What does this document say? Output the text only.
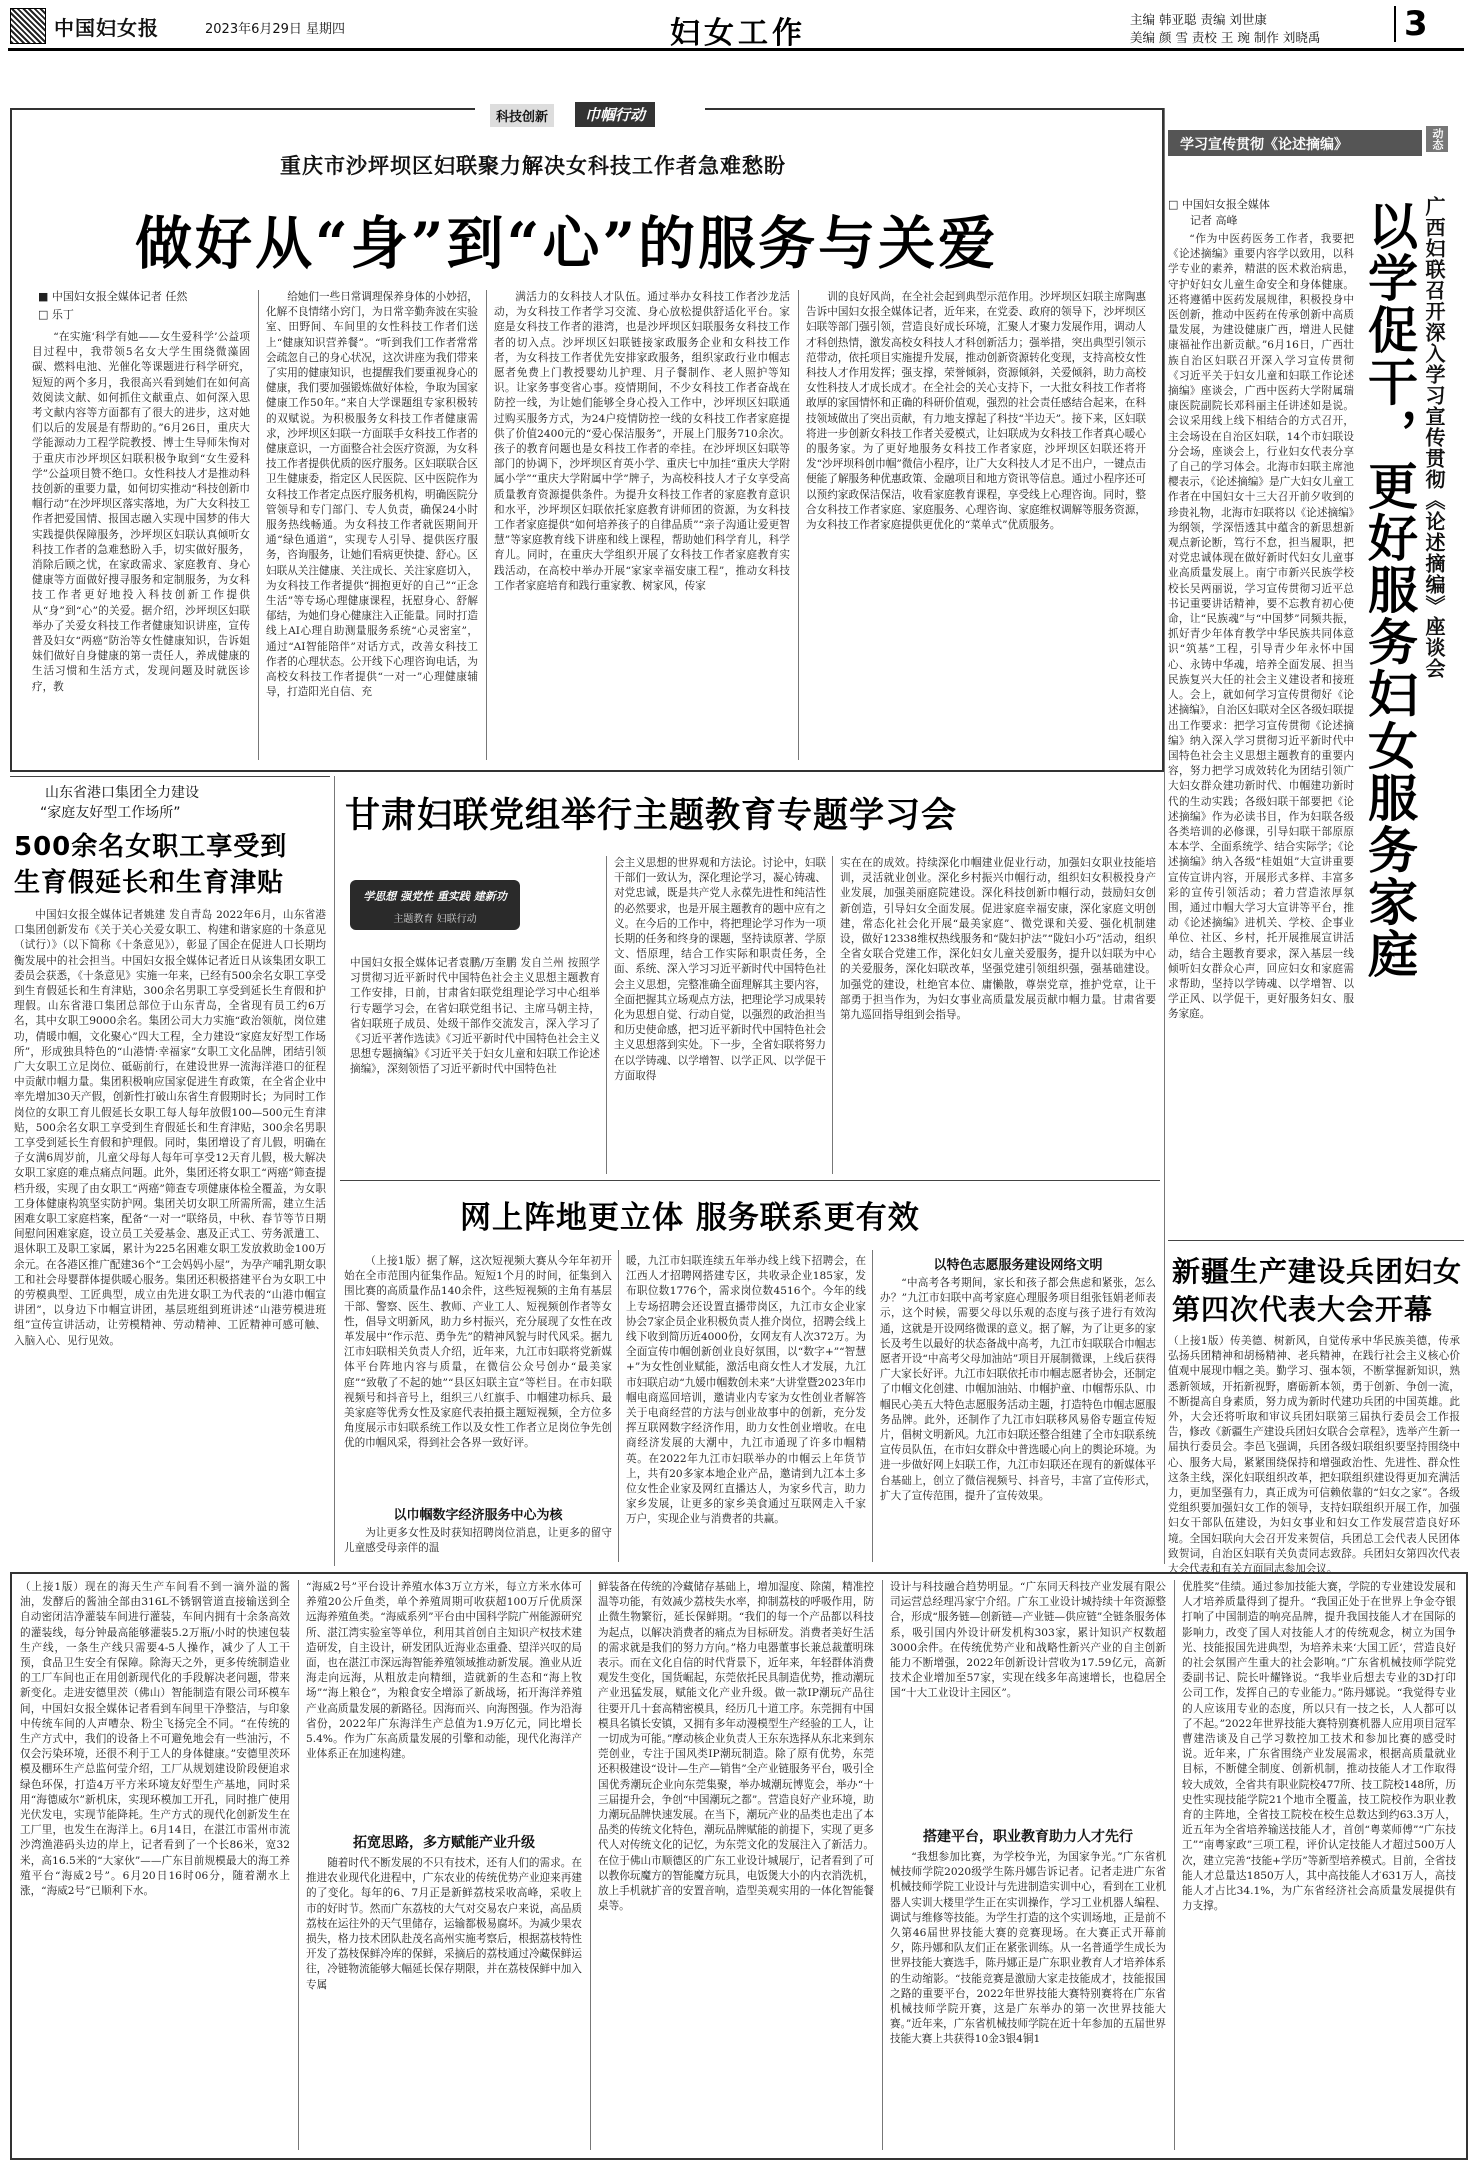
中国妇女报	2023年6月29日 星期四	妇女工作	主编 韩亚聪 责编 刘世康
美编 颜 雪 责校 王 琬 制作 刘晓禹 3
科技创新	巾帼行动
重庆市沙坪坝区妇联聚力解决女科技工作者急难愁盼
做好从“身”到“心”的服务与关爱
■ 中国妇女报全媒体记者 任然
□ 乐丁

“在实施‘科学有她——女生爱科学’公益项目过程中，我带领5名女大学生围绕微藻固碳、燃料电池、光催化等课题进行科学研究，短短的两个多月，我很高兴看到她们在如何高效阅读文献、如何抓住文献重点、如何深入思考文献内容等方面都有了很大的进步，这对她们以后的发展是有帮助的。”6月26日，重庆大学能源动力工程学院教授、博士生导师朱恂对于重庆市沙坪坝区妇联积极争取到“女生爱科学”公益项目赞不绝口。女性科技人才是推动科技创新的重要力量，如何切实推动“科技创新巾帼行动”在沙坪坝区落实落地，为广大女科技工作者把爱国情、报国志融入实现中国梦的伟大实践提供保障服务，沙坪坝区妇联认真倾听女科技工作者的急难愁盼入手，切实做好服务，消除后顾之忧，在家政需求、家庭教育、身心健康等方面做好搜寻服务和定制服务，为女科技工作者更好地投入科技创新工作提供从“身”到“心”的关爱。据介绍，沙坪坝区妇联举办了关爱女科技工作者健康知识讲座，宣传普及妇女“两癌”防治等女性健康知识，告诉姐妹们做好自身健康的第一责任人，养成健康的生活习惯和生活方式，发现问题及时就医诊疗，教

给她们一些日常调理保养身体的小妙招，化解不良情绪小窍门，为日常辛勤奔波在实验室、田野间、车间里的女性科技工作者们送上“健康知识营养餐”。“听到我们工作者常常会疏忽自己的身心状况，这次讲座为我们带来了实用的健康知识，也提醒我们要重视身心的健康，我们要加强锻炼做好体检，争取为国家健康工作50年。”来自大学课题组专家积极转的双赋说。为积极服务女科技工作者健康需求，沙坪坝区妇联一方面联手女科技工作者的健康意识，一方面整合社会医疗资源，为女科技工作者提供优质的医疗服务。区妇联联合区卫生健康委，指定区人民医院、区中医院作为女科技工作者定点医疗服务机构，明确医院分管领导和专门部门、专人负责，确保24小时服务热线畅通。为女科技工作者就医期间开通“绿色通道”，实现专人引导、提供医疗服务，咨询服务，让她们看病更快捷、舒心。区妇联从关注健康、关注成长、关注家庭切入，为女科技工作者提供“拥抱更好的自己”“正念生活”等专场心理健康课程，抚慰身心、舒解郁结，为她们身心健康注入正能量。同时打造线上AI心理自助测量服务系统“心灵密室”，通过“AI智能陪伴”对话方式，改善女科技工作者的心理状态。公开线下心理咨询电话，为高校女科技工作者提供“一对一”心理健康辅导，打造阳光自信、充

满活力的女科技人才队伍。通过举办女科技工作者沙龙活动，为女科技工作者学习交流、身心放松提供舒适化平台。家庭是女科技工作者的港湾，也是沙坪坝区妇联服务女科技工作者的切入点。沙坪坝区妇联链接家政服务企业和女科技工作者，为女科技工作者优先安排家政服务，组织家政行业巾帼志愿者免费上门教授婴幼儿护理、月子餐制作、老人照护等知识。让家务事变省心事。疫情期间，不少女科技工作者奋战在防控一线，为让她们能够全身心投入工作中，沙坪坝区妇联通过购买服务方式，为24户疫情防控一线的女科技工作者家庭提供了价值2400元的“爱心保洁服务”，开展上门服务710余次。孩子的教育问题也是女科技工作者的牵挂。在沙坪坝区妇联等部门的协调下，沙坪坝区育英小学、重庆七中加挂“重庆大学附属小学”“重庆大学附属中学”牌子，为高校科技人才子女享受高质量教育资源提供条件。为提升女科技工作者的家庭教育意识和水平，沙坪坝区妇联依托家庭教育讲师团的资源，为女科技工作者家庭提供“如何培养孩子的自律品质”“亲子沟通让爱更智慧”等家庭教育线下讲座和线上课程，帮助她们科学育儿，科学育儿。同时，在重庆大学组织开展了女科技工作者家庭教育实践活动，在高校中举办开展“家家幸福安康工程”，推动女科技工作者家庭培育和践行重家教、树家风，传家

训的良好风尚，在全社会起到典型示范作用。沙坪坝区妇联主席陶惠告诉中国妇女报全媒体记者，近年来，在党委、政府的领导下，沙坪坝区妇联等部门强引领，营造良好成长环境，汇聚人才聚力发展作用，调动人才科创热情，激发高校女科技人才科创新活力；强举措，突出典型引领示范带动，依托项目实施提升发展，推动创新资源转化变现，支持高校女性科技人才作用发挥；强支撑，荣誉倾斜，资源倾斜，关爱倾斜，助力高校女性科技人才成长成才。在全社会的关心支持下，一大批女科技工作者将敢厚的家国情怀和正确的科研价值观，强烈的社会责任感结合起来，在科技领域做出了突出贡献，有力地支撑起了科技“半边天”。接下来，区妇联将进一步创新女科技工作者关爱模式，让妇联成为女科技工作者真心暖心的服务家。为了更好地服务女科技工作者家庭，沙坪坝区妇联还将开发“沙坪坝科创巾帼”微信小程序，让广大女科技人才足不出户，一键点击便能了解服务种优惠政策、金融项目和地方资讯等信息。通过小程序还可以预约家政保洁保洁，收看家庭教育课程，享受线上心理咨询。同时，整合女科技工作者家庭、家庭服务、心理咨询、家庭维权调解等服务资源，为女科技工作者家庭提供更优化的“菜单式”优质服务。

山东省港口集团全力建设
“家庭友好型工作场所”
500余名女职工享受到
生育假延长和生育津贴

中国妇女报全媒体记者姚建 发自青岛 2022年6月，山东省港口集团创新发布《关于关心关爱女职工、构建和谐家庭的十条意见（试行）》（以下简称《十条意见》），彰显了国企在促进人口长期均衡发展中的社会担当。中国妇女报全媒体记者近日从该集团女职工委员会获悉，《十条意见》实施一年来，已经有500余名女职工享受到生育假延长和生育津贴，300余名男职工享受到延长生育假和护理假。山东省港口集团总部位于山东青岛，全省现有员工约6万名，其中女职工9000余名。集团公司大力实施“政治领航，岗位建功，倩暖巾帼，文化聚心”四大工程，全力建设“家庭友好型工作场所”，形成独具特色的“山港情·幸福家”女职工文化品牌，团结引领广大女职工立足岗位、砥砺前行，在建设世界一流海洋港口的征程中贡献巾帼力量。集团积极响应国家促进生育政策，在全省企业中率先增加30天产假，创新性打破山东省生育假期时长；为同时工作岗位的女职工育儿假延长女职工每人每年放假100—500元生育津贴，500余名女职工享受到生育假延长和生育津贴，300余名男职工享受到延长生育假和护理假。同时，集团增设了育儿假，明确在子女满6周岁前，儿童父母每人每年可享受12天育儿假，极大解决女职工家庭的难点痛点问题。此外，集团还将女职工“两癌”筛查提档升级，实现了由女职工“两癌”筛查专项健康体检全覆盖，为女职工身体健康构筑坚实防护网。集团关切女职工所需所需，建立生活困难女职工家庭档案，配备“一对一”联络员，中秋、春节等节日期间慰问困难家庭，设立员工关爱基金、惠及正式工、劳务派遣工、退休职工及职工家属，累计为225名困难女职工发放救助金100万余元。在各港区推广配建36个“工会妈妈小屋”，为孕产哺乳期女职工和社会母婴群体提供暖心服务。集团还积极搭建平台为女职工中的劳模典型、工匠典型，成立由先进女职工为代表的“山港巾帼宣讲团”，以身边下巾帼宣讲团，基层班组到班讲述“山港劳模进班组”宣传宣讲活动，让劳模精神、劳动精神、工匠精神可感可触、入脑入心、见行见效。

甘肃妇联党组举行主题教育专题学习会
学思想 强党性 重实践 建新功
主题教育 妇联行动

中国妇女报全媒体记者袁鹏/万奎鹏 发自兰州 按照学习贯彻习近平新时代中国特色社会主义思想主题教育工作安排，日前，甘肃省妇联党组理论学习中心组举行专题学习会，在省妇联党组书记、主席马朝主持，省妇联班子成员、处级干部作交流发言，深入学习了《习近平著作选读》《习近平新时代中国特色社会主义思想专题摘编》《习近平关于妇女儿童和妇联工作论述摘编》，深刻领悟了习近平新时代中国特色社

会主义思想的世界观和方法论。讨论中，妇联干部们一致认为，深化理论学习，凝心铸魂、对党忠诚，既是共产党人永葆先进性和纯洁性的必然要求，也是开展主题教育的题中应有之义。在今后的工作中，将把理论学习作为一项长期的任务和终身的课题，坚持读原著、学原文、悟原理，结合工作实际和职责任务，全面、系统、深入学习习近平新时代中国特色社会主义思想，完整准确全面理解其主要内容，全面把握其立场观点方法，把理论学习成果转化为思想自觉、行动自觉，以强烈的政治担当和历史使命感，把习近平新时代中国特色社会主义思想落到实处。下一步，全省妇联将努力在以学铸魂、以学增智、以学正风、以学促干方面取得

实在在的成效。持续深化巾帼建业促业行动，加强妇女职业技能培训，灵活就业创业。深化乡村振兴巾帼行动，组织妇女积极投身产业发展，加强美丽庭院建设。深化科技创新巾帼行动，鼓励妇女创新创造，引导妇女全面发展。促进家庭幸福安康，深化家庭文明创建，常态化社会化开展“最美家庭”、微党课和关爱、强化机制建设，做好12338维权热线服务和“陇妇护法”“陇妇小巧”活动，组织全省女联合党建工作，深化妇女儿童关爱服务，提升以妇联为中心的关爱服务，深化妇联改革，坚强党建引领组织强，强基础建设。加强党的建设，杜绝官本位、庸懒散，尊崇党章，推护党章，让干部勇于担当作为，为妇女事业高质量发展贡献巾帼力量。甘肃省要第九巡回指导组到会指导。

网上阵地更立体 服务联系更有效

（上接1版）据了解，这次短视频大赛从今年年初开始在全市范围内征集作品。短短1个月的时间，征集到入围比赛的高质量作品140余件，这些短视频的主角有基层干部、警察、医生、教师、产业工人、短视频创作者等女性，倡导文明新风，助力乡村振兴，充分展现了女性在改革发展中“作示范、勇争先”的精神风貌与时代风采。据九江市妇联相关负责人介绍，近年来，九江市妇联将党新媒体平台阵地内容与质量，在微信公众号创办“最美家庭”“致敬了不起的她”“县区妇联主宣”等栏目。在市妇联视频号和抖音号上，组织三八红旗手、巾帼建功标兵、最美家庭等优秀女性及家庭代表拍摄主题短视频，全方位多角度展示市妇联系统工作以及女性工作者立足岗位争先创优的巾帼风采，得到社会各界一致好评。

以巾帼数字经济服务中心为核

为让更多女性及时获知招聘岗位消息，让更多的留守儿童感受母亲伴的温

暖，九江市妇联连续五年举办线上线下招聘会，在江西人才招聘网搭建专区，共收录企业185家，发布职位数1776个，需求岗位数4516个。今年的线上专场招聘会还设置直播带岗区，九江市女企业家协会7家企员企业积极负责人推介岗位，招聘会线上线下收到简历近4000份，女网友有人次372万。为全面宣传巾帼创新创业良好氛围，以“数字+”“智慧+”为女性创业赋能，激活电商女性人才发展，九江市妇联启动“九媛巾帼数创未来”大讲堂暨2023年巾帼电商巡回培训，邀请业内专家为女性创业者解答关于电商经营的方法与创业故事中的创新，充分发挥互联网数字经济作用，助力女性创业增收。在电商经济发展的大潮中，九江市通现了许多巾帼精英。在2022年九江市妇联举办的巾帼云上年货节上，共有20多家本地企业产品，邀请到九江本土多位女性企业家及网红直播达人，为家乡代言，助力家乡发展，让更多的家乡美食通过互联网走入千家万户，实现企业与消费者的共赢。

以特色志愿服务建设网络文明

“中高考各考期间，家长和孩子都会焦虑和紧张，怎么办？”九江市妇联中高考家庭心理服务项目组张钰娟老师表示，这个时候，需要父母以乐观的态度与孩子进行有效沟通，这就是开设网络微课的意义。据了解，为了让更多的家长及考生以最好的状态备战中高考，九江市妇联联合巾帼志愿者开设“中高考父母加油站”项目开展制微课，上线后获得广大家长好评。九江市妇联依托市巾帼志愿者协会，还制定了巾帼文化创建、巾帼加油站、巾帼护童、巾帼帮乐队、巾帼民心美五大特色志愿服务活动主题，打造特色巾帼志愿服务品牌。此外，还制作了九江市妇联移风易俗专题宣传短片，倡树文明新风。九江市妇联还整合组建了全市妇联系统宣传员队伍，在市妇女群众中普选暖心向上的舆论环境。为进一步做好网上妇联工作，九江市妇联还在现有的新媒体平台基础上，创立了微信视频号、抖音号，丰富了宣传形式，扩大了宣传范围，提升了宣传效果。

学习宣传贯彻《论述摘编》	动态
□ 中国妇女报全媒体
记者 高峰

“作为中医药医务工作者，我要把《论述摘编》重要内容学以致用，以科学专业的素养，精湛的医术救治病患，守护好妇女儿童生命安全和身体健康。还将遵循中医药发展规律，积极投身中医创新，推动中医药在传承创新中高质量发展，为建设健康广西，增进人民健康福祉作出新贡献。”6月16日，广西壮族自治区妇联召开深入学习宣传贯彻《习近平关于妇女儿童和妇联工作论述摘编》座谈会，广西中医药大学附属瑞康医院副院长邓科丽主任讲述如是说。会议采用线上线下相结合的方式召开，主会场设在自治区妇联，14个市妇联设分会场，座谈会上，行业妇女代表分享了自己的学习体会。北海市妇联主席池樱表示，《论述摘编》是广大妇女儿童工作者在中国妇女十三大召开前夕收到的珍贵礼物，北海市妇联将以《论述摘编》为纲领，学深悟透其中蕴含的新思想新观点新论断，笃行不怠，担当履职，把对党忠诚体现在做好新时代妇女儿童事业高质量发展上。南宁市新兴民族学校校长吴两丽说，学习宣传贯彻习近平总书记重要讲话精神，要不忘教育初心使命，让“民族魂”与“中国梦”同频共振，抓好青少年体育教学中华民族共同体意识“筑基”工程，引导青少年永怀中国心、永铸中华魂，培养全面发展、担当民族复兴大任的社会主义建设者和接班人。会上，就如何学习宣传贯彻好《论述摘编》，自治区妇联对全区各级妇联提出工作要求：把学习宣传贯彻《论述摘编》纳入深入学习贯彻习近平新时代中国特色社会主义思想主题教育的重要内容，努力把学习成效转化为团结引领广大妇女群众建功新时代、巾帼建功新时代的生动实践；各级妇联干部要把《论述摘编》作为必读书目，作为妇联各级各类培训的必修课，引导妇联干部原原本本学、全面系统学、结合实际学；《论述摘编》纳入各级“桂姐姐”大宣讲重要宣传宣讲内容，开展形式多样、丰富多彩的宣传引领活动；着力营造浓厚氛围，通过巾帼大学习大宣讲等平台，推动《论述摘编》进机关、学校、企事业单位、社区、乡村，托开展推展宣讲活动，结合主题教育要求，深入基层一线倾听妇女群众心声，回应妇女和家庭需求帮助，坚持以学铸魂、以学增智、以学正风、以学促干，更好服务妇女、服务家庭。

广西妇联召开深入学习宣传贯彻《论述摘编》座谈会
以学促干，更好服务妇女服务家庭
新疆生产建设兵团妇女
第四次代表大会开幕

（上接1版）传美德、树新风，自觉传承中华民族美德，传承弘扬兵团精神和胡杨精神、老兵精神，在践行社会主义核心价值观中展现巾帼之美。勤学习、强本领，不断掌握新知识，熟悉新领域，开拓新视野，磨砺新本领，勇于创新、争创一流，不断提高自身素质，努力成为新时代建功兵团的中国英雄。此外，大会还将听取和审议兵团妇联第三届执行委员会工作报告，修改《新疆生产建设兵团妇女联合会章程》，选举产生新一届执行委员会。李邑飞强调，兵团各级妇联组织要坚持围绕中心、服务大局，紧紧围绕保持和增强政治性、先进性、群众性这条主线，深化妇联组织改革，把妇联组织建设得更加充满活力，更加坚强有力，真正成为可信赖依靠的“妇女之家”。各级党组织要加强妇女工作的领导，支持妇联组织开展工作，加强妇女干部队伍建设，为妇女事业和妇女工作发展营造良好环境。全国妇联向大会召开发来贺信，兵团总工会代表人民团体致贺词，自治区妇联有关负责同志致辞。兵团妇女第四次代表大会代表和有关方面同志参加会议。

（上接1版）现在的海天生产车间看不到一滴外溢的酱油，发酵后的酱油全部由316L不锈钢管道直接输送到全自动密闭洁净灌装车间进行灌装，车间内拥有十余条高效的灌装线，每分钟最高能够灌装5.2万瓶/小时的快速包装生产线，一条生产线只需要4-5人操作，减少了人工干预，食品卫生安全有保障。除海天之外，更多传统制造业的工厂车间也正在用创新现代化的手段解决老问题，带来新变化。走进安德里茨（佛山）智能制造有限公司环模车间，中国妇女报全媒体记者看到车间里干净整洁，与印象中传统车间的人声嘈杂、粉尘飞扬完全不同。“在传统的生产方式中，我们的设备上不可避免地会有一些油污，不仅会污染环境，还很不利于工人的身体健康。”安德里茨环模及棚环生产总监何莹介绍，工厂从规划建设阶段便追求绿色环保，打造4万平方米环境友好型生产基地，同时采用“海德威尔”新机床，实现环模加工开孔，同时推广使用光伏发电，实现节能降耗。生产方式的现代化创新发生在工厂里，也发生在海洋上。6月14日，在湛江市雷州市流沙湾渔港码头边的岸上，记者看到了一个长86米，宽32米，高16.5米的“大家伙”——广东目前规模最大的海工养殖平台“海威2号”。6月20日16时06分，随着潮水上涨，“海威2号”已顺利下水。

“海威2号”平台设计养殖水体3万立方米，每立方米水体可养殖20公斤鱼类，单个养殖周期可收获超100万斤优质深远海养殖鱼类。“海威系列”平台由中国科学院广州能源研究所、湛江湾实验室等单位，利用其首创自主知识产权技术建造研发，自主设计，研发团队近海业态重叠、望洋兴叹的局面，也在湛江市深远海智能养殖领域推动新发展。渔业从近海走向远海，从粗放走向精细，造就新的生态和“海上牧场”“海上粮仓”，为粮食安全增添了新战场，拓开海洋养殖产业高质量发展的新路径。因海而兴、向海图强。作为沿海省份，2022年广东海洋生产总值为1.9万亿元，同比增长5.4%。作为广东高质量发展的引擎和动能，现代化海洋产业体系正在加速构建。

拓宽思路，多方赋能产业升级

随着时代不断发展的不只有技术，还有人们的需求。在推进农业现代化进程中，广东农业的传统优势产业迎来再建的了变化。每年的6、7月正是新鲜荔枝采收高峰，采收上市的好时节。然而广东荔枝的大气对交易农户来说，高品质荔枝在运往外的天气里储存，运输都极易腐坏。为减少果农损失，格力技术团队赴茂名高州实施考察后，根据荔枝特性开发了荔枝保鲜冷库的保鲜，采摘后的荔枝通过冷藏保鲜运往，冷链物流能够大幅延长保存期限，并在荔枝保鲜中加入专属

鲜装备在传统的冷藏储存基础上，增加湿度、除菌，精准控温等功能，有效减少荔枝失水率，抑制荔枝的呼吸作用，防止微生物繁衍，延长保鲜期。“我们的每一个产品都以科技为起点，以解决消费者的痛点为目标研发。消费者美好生活的需求就是我们的努力方向。”格力电器董事长兼总裁董明珠表示。而在文化自信的时代背景下，近年来，年轻群体消费观发生变化，国货崛起，东莞依托民具制造优势，推动潮玩产业迅猛发展，赋能文化产业升级。做一款IP潮玩产品往往要开几十套高精密模具，经历几十道工序。东莞拥有中国模具名镇长安镇，又拥有多年动漫模型生产经验的工人，让一切成为可能。”摩动核企业负责人王东东选择从东北来到东莞创业，专注于国风类IP潮玩制造。除了原有优势，东莞还积极建设“设计—生产—销售”全产业链服务平台，吸引全国优秀潮玩企业向东莞集聚，举办城潮玩博览会，举办“十三届提升会，争创“中国潮玩之都”。营造良好产业环境，助力潮玩品牌快速发展。在当下，潮玩产业的品类也走出了本品类的传统文化特色，潮玩品牌赋能的前提下，实现了更多代人对传统文化的记忆，为东莞文化的发展注入了新活力。在位于佛山市顺德区的广东工业设计城展厅，记者看到了可以教你玩魔方的智能魔方玩具，电饭煲大小的内衣消洗机，放上手机就扩音的安置音响，造型美观实用的一体化智能餐桌等。

设计与科技融合趋势明显。“广东同天科技产业发展有限公司运营总经理冯家宁介绍。广东工业设计城持续十年资源整合，形成“服务链—创新链—产业链—供应链”全链条服务体系，吸引国内外设计研发机构303家，累计知识产权数超3000余件。在传统优势产业和战略性新兴产业的自主创新能力不断增强，2022年创新设计营收为17.59亿元，高新技术企业增加至57家，实现在线多年高速增长，也稳居全国“十大工业设计主园区”。

搭建平台，职业教育助力人才先行

“我想参加比赛，为学校争光，为国家争光。”广东省机械技师学院2020级学生陈丹娜告诉记者。记者走进广东省机械技师学院工业设计与先进制造实训中心，看到在工业机器人实训大楼里学生正在实训操作，学习工业机器人编程、调试与维修等技能。为学生打造的这个实训场地，正是前不久第46届世界技能大赛的竞赛现场。在大赛正式开幕前夕，陈丹娜和队友们正在紧张训练。从一名普通学生成长为世界技能大赛选手，陈丹娜正是广东职业教育人才培养体系的生动缩影。“技能竞赛是激励大家走技能成才，技能报国之路的重要平台，2022年世界技能大赛特别赛将在广东省机械技师学院开赛，这是广东举办的第一次世界技能大赛。”近年来，广东省机械技师学院在近十年参加的五届世界技能大赛上共获得10金3银4铜1

优胜奖”佳绩。通过参加技能大赛，学院的专业建设发展和人才培养质量得到了提升。“我国正处于在世界上争金夺银打响了中国制造的响亮品牌，提升我国技能人才在国际的影响力，改变了国人对技能人才的传统观念，树立为国争光、技能报国先进典型，为培养未来‘大国工匠’，营造良好的社会氛围产生重大的社会影响。”广东省机械技师学院党委副书记、院长叶耀锋说。“我毕业后想去专业的3D打印公司工作，发挥自己的专业能力。”陈丹娜说。“我觉得专业的人应该用专业的态度，所以只有一技之长，人人都可以了不起。”2022年世界技能大赛特别赛机器人应用项目冠军曹建浩谈及自己学习数控加工技术和参加比赛的感受时说。近年来，广东省围绕产业发展需求，根据高质量就业目标，不断健全制度、创新机制，推动技能人才工作取得较大成效，全省共有职业院校477所、技工院校148所，历史性实现技能学院21个地市全覆盖，技工院校作为职业教育的主阵地，全省技工院校在校生总数达到约63.3万人，近五年为全省培养输送技能人才，首创“粤菜师傅”“广东技工”“南粤家政”三项工程，评价认定技能人才超过500万人次，建立完善“技能+学历”等新型培养模式。目前，全省技能人才总量达1850万人，其中高技能人才631万人，高技能人才占比34.1%，为广东省经济社会高质量发展提供有力支撑。
